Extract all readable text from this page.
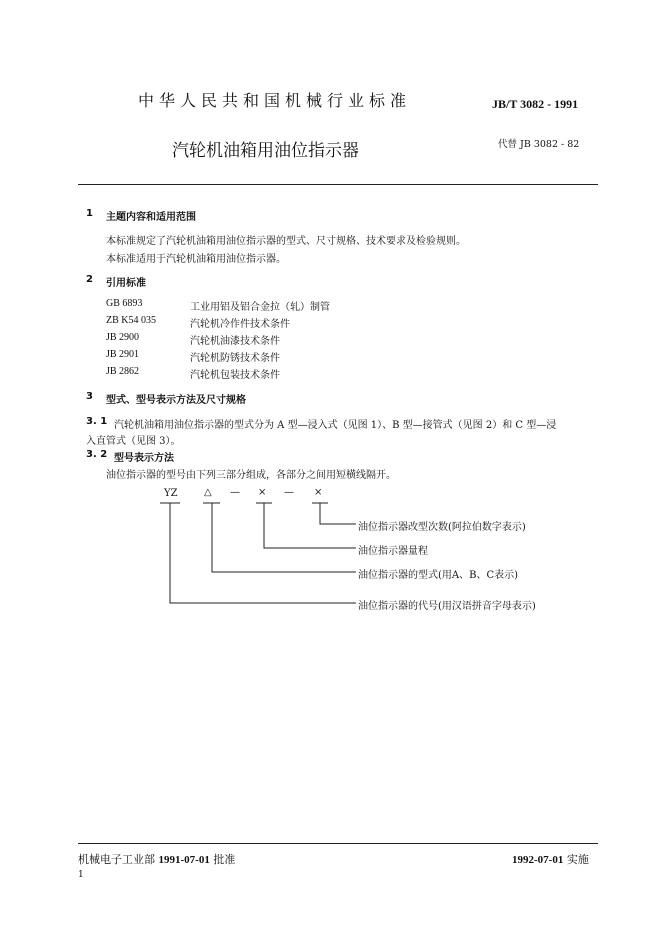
中华人民共和国机械行业标准	JB/T 3082 - 1991
汽轮机油箱用油位指示器	代替 JB 3082 - 82
1 主题内容和适用范围
本标准规定了汽轮机油箱用油位指示器的型式、尺寸规格、技术要求及检验规则。
本标准适用于汽轮机油箱用油位指示器。
2 引用标准
GB 6893	工业用铝及铝合金拉（轧）制管
ZB K54 035	汽轮机冷作件技术条件
JB 2900	汽轮机油漆技术条件
JB 2901	汽轮机防锈技术条件
JB 2862	汽轮机包装技术条件
3 型式、型号表示方法及尺寸规格
3. 1 汽轮机油箱用油位指示器的型式分为 A 型—浸入式（见图 1）、B 型—接管式（见图 2）和 C 型—浸
入直管式（见图 3）。
3. 2 型号表示方法
油位指示器的型号由下列三部分组成，各部分之间用短横线隔开。
YZ	△ — × — ×
油位指示器改型次数(阿拉伯数字表示)
油位指示器量程
油位指示器的型式(用A、B、C表示)
油位指示器的代号(用汉语拼音字母表示)
机械电子工业部 1991-07-01 批准	1992-07-01 实施
1
